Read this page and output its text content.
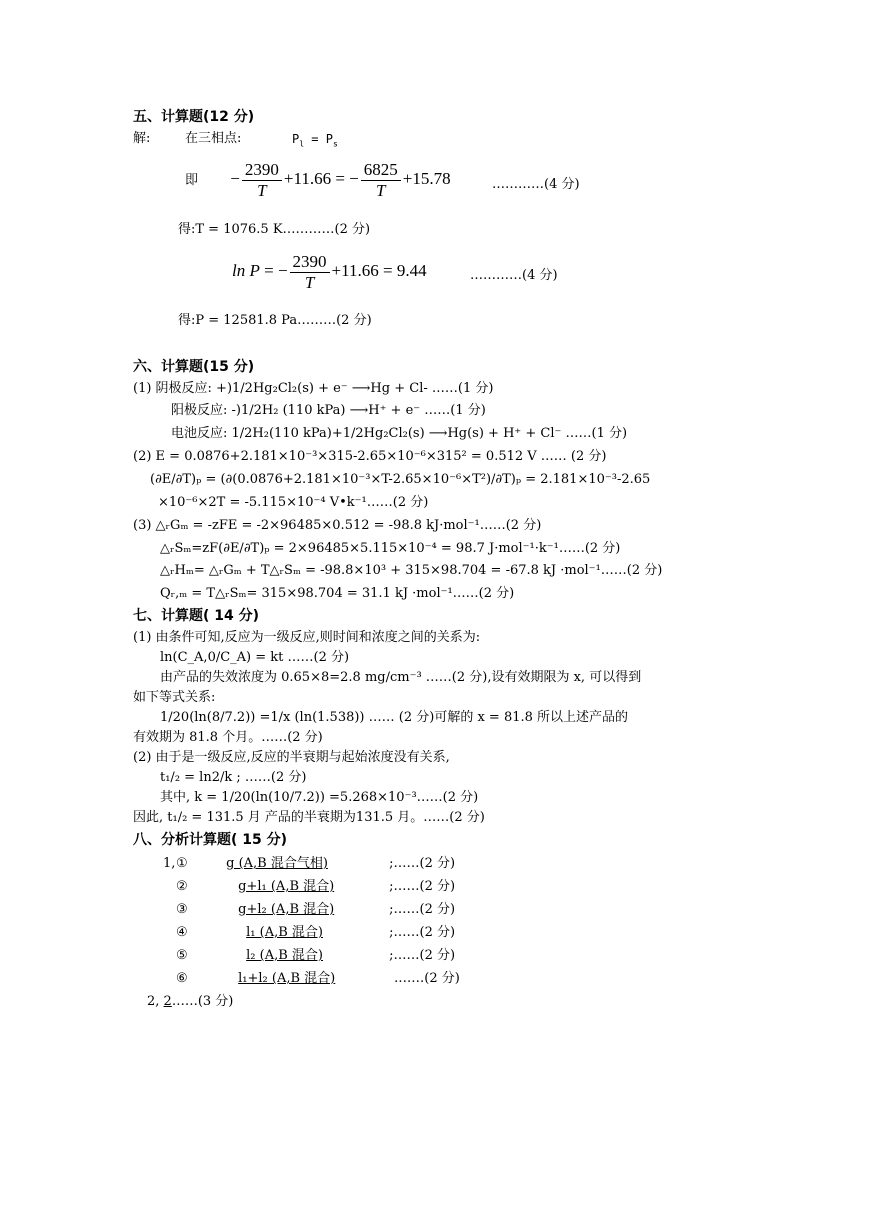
五、计算题(12 分)
解:	在三相点:	$P_l = P_s$
即 − $\frac{2390}{T} +11.66$ = − $\frac{6825}{T} +15.78$	…………(4 分)
得:T = 1076.5 K…………(2 分)
ln P = − $\frac{2390}{T} +11.66 = 9.44$	…………(4 分)
得:P = 12581.8 Pa………(2 分)
六、计算题(15 分)
(1) 阴极反应: +)1/2Hg₂Cl₂(s) + e⁻ ⟶Hg + Cl- ……(1 分)
阳极反应: -)1/2H₂ (110 kPa) ⟶H⁺ + e⁻ ……(1 分)
电池反应: 1/2H₂(110 kPa)+1/2Hg₂Cl₂(s) ⟶Hg(s) + H⁺ + Cl⁻ ……(1 分)
(2) E = 0.0876+2.181×10⁻³×315-2.65×10⁻⁶×315² = 0.512 V …… (2 分)
(∂E/∂T)ₚ = (∂(0.0876+2.181×10⁻³×T-2.65×10⁻⁶×T²)/∂T)ₚ = 2.181×10⁻³-2.65
×10⁻⁶×2T = -5.115×10⁻⁴ V•k⁻¹……(2 分)
(3) △ᵣGₘ = -zFE = -2×96485×0.512 = -98.8 kJ·mol⁻¹……(2 分)
△ᵣSₘ=zF(∂E/∂T)ₚ = 2×96485×5.115×10⁻⁴ = 98.7 J·mol⁻¹·k⁻¹……(2 分)
△ᵣHₘ= △ᵣGₘ + T△ᵣSₘ = -98.8×10³ + 315×98.704 = -67.8 kJ ·mol⁻¹……(2 分)
Qᵣ,ₘ = T△ᵣSₘ= 315×98.704 = 31.1 kJ ·mol⁻¹……(2 分)
七、计算题( 14 分)
(1) 由条件可知,反应为一级反应,则时间和浓度之间的关系为:
ln(C_A,0/C_A) = kt ……(2 分)
由产品的失效浓度为 0.65×8=2.8 mg/cm⁻³ ……(2 分),设有效期限为 x, 可以得到
如下等式关系:
1/20(ln(8/7.2)) =1/x (ln(1.538)) …… (2 分)可解的 x = 81.8 所以上述产品的
有效期为 81.8 个月。……(2 分)
(2) 由于是一级反应,反应的半衰期与起始浓度没有关系,
t₁/₂ = ln2/k ; ……(2 分)
其中, k = 1/20(ln(10/7.2)) =5.268×10⁻³……(2 分)
因此, t₁/₂ = 131.5 月 产品的半衰期为131.5 月。……(2 分)
八、分析计算题( 15 分)
1, ①	g (A,B 混合气相)	;……(2 分)
②	g+l₁ (A,B 混合)	;……(2 分)
③	g+l₂ (A,B 混合)	;……(2 分)
④	l₁ (A,B 混合)	;……(2 分)
⑤	l₂ (A,B 混合)	;……(2 分)
⑥	l₁+l₂ (A,B 混合)	.……(2 分)
2, 2……(3 分)
